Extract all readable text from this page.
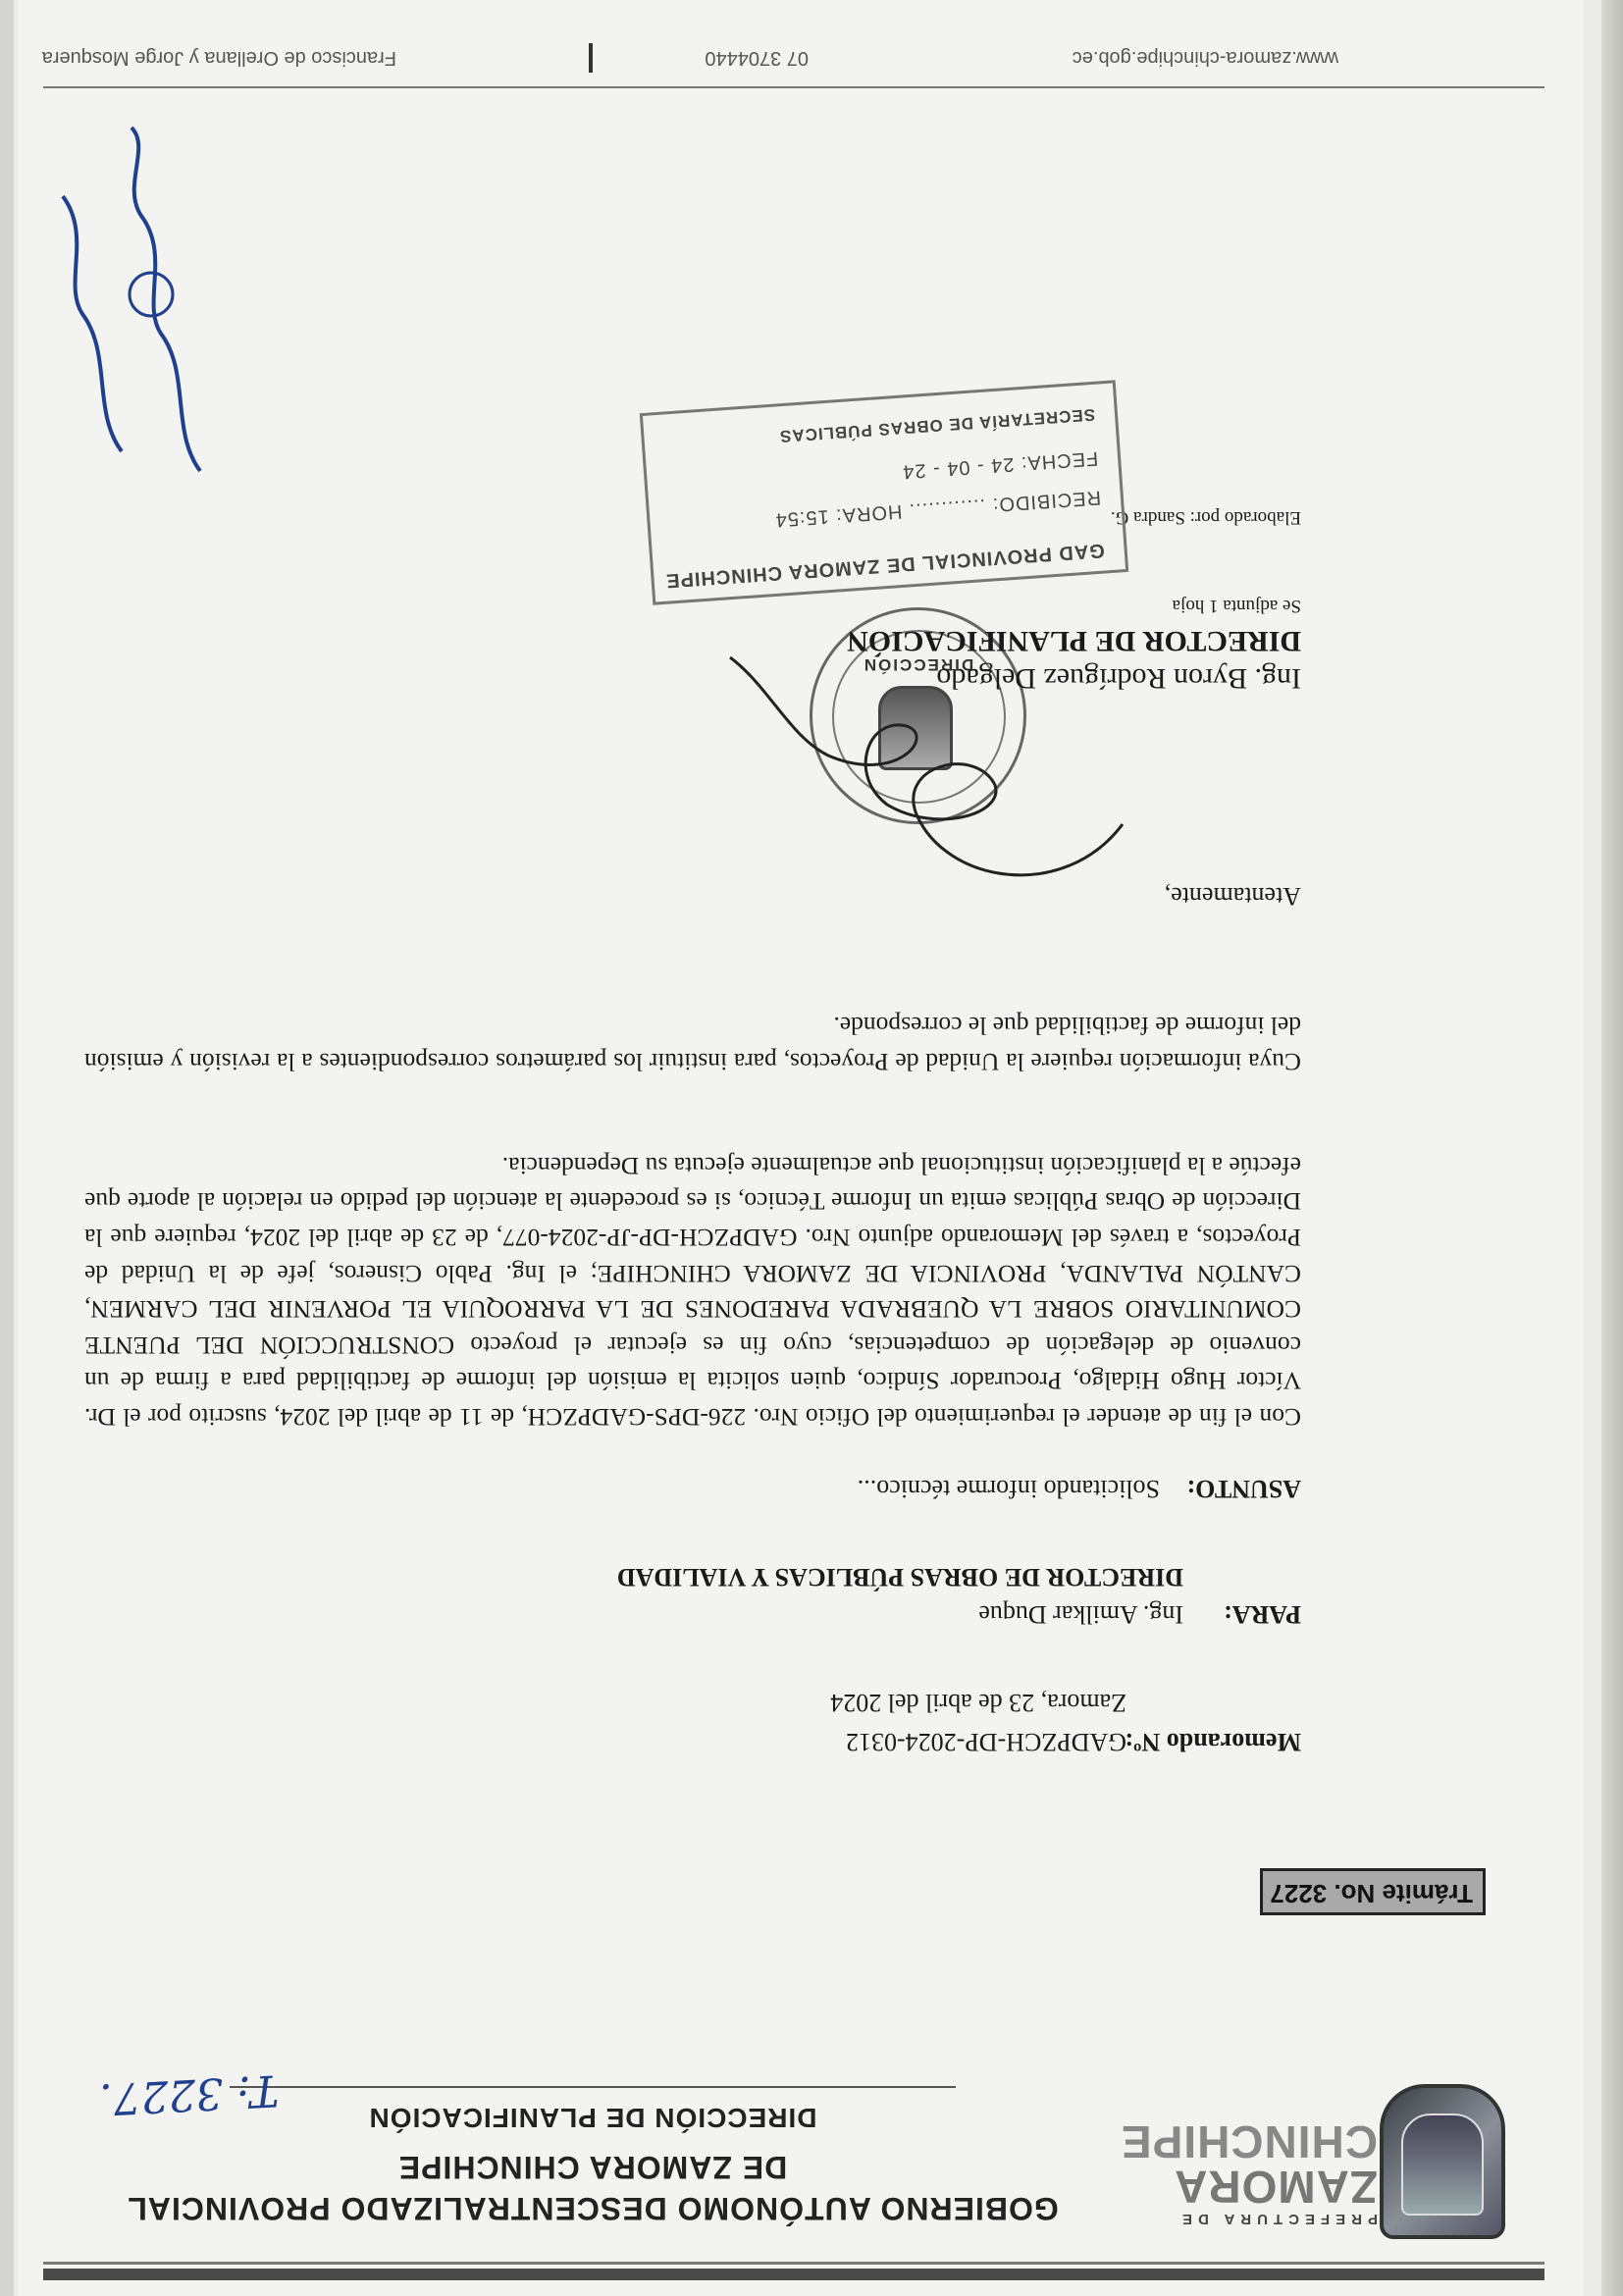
PREFECTURA DE
ZAMORA
CHINCHIPE
GOBIERNO AUTÓNOMO DESCENTRALIZADO PROVINCIAL
DE ZAMORA CHINCHIPE
DIRECCIÓN DE PLANIFICACIÓN
T: 3227.
Trámite No. 3227
Memorando Nº:
GADPZCH-DP-2024-0312
Zamora, 23 de abril del 2024
PARA:
Ing. Amilkar Duque
DIRECTOR DE OBRAS PÚBLICAS Y VIALIDAD
ASUNTO:
Solicitando informe técnico...
Con el fin de atender el requerimiento del Oficio Nro. 226-DPS-GADPZCH, de 11 de abril del 2024, suscrito por el Dr. Víctor Hugo Hidalgo, Procurador Síndico, quien solicita la emisión del informe de factibilidad para a firma de un convenio de delegación de competencias, cuyo fin es ejecutar el proyecto CONSTRUCCIÓN DEL PUENTE COMUNITARIO SOBRE LA QUEBRADA PAREDONES DE LA PARROQUIA EL PORVENIR DEL CARMEN, CANTÓN PALANDA, PROVINCIA DE ZAMORA CHINCHIPE; el Ing. Pablo Cisneros, jefe de la Unidad de Proyectos, a través del Memorando adjunto Nro. GADPZCH-DP-JP-2024-077, de 23 de abril del 2024, requiere que la Dirección de Obras Públicas emita un Informe Técnico, si es procedente la atención del pedido en relación al aporte que efectúe a la planificación institucional que actualmente ejecuta su Dependencia.
Cuya información requiere la Unidad de Proyectos, para instituir los parámetros correspondientes a la revisión y emisión del informe de factibilidad que le corresponde.
Atentamente,
DIRECCIÓN
Ing. Byron Rodríguez Delgado
DIRECTOR DE PLANIFICACIÓN
Se adjunta 1 hoja
Elaborado por: Sandra G.
GAD PROVINCIAL DE ZAMORA CHINCHIPE
RECIBIDO: ............ HORA: 15:54
FECHA: 24 - 04 - 24
SECRETARÍA DE OBRAS PÚBLICAS
www.zamora-chinchipe.gob.ec
07 3704440
Francisco de Orellana y Jorge Mosquera
